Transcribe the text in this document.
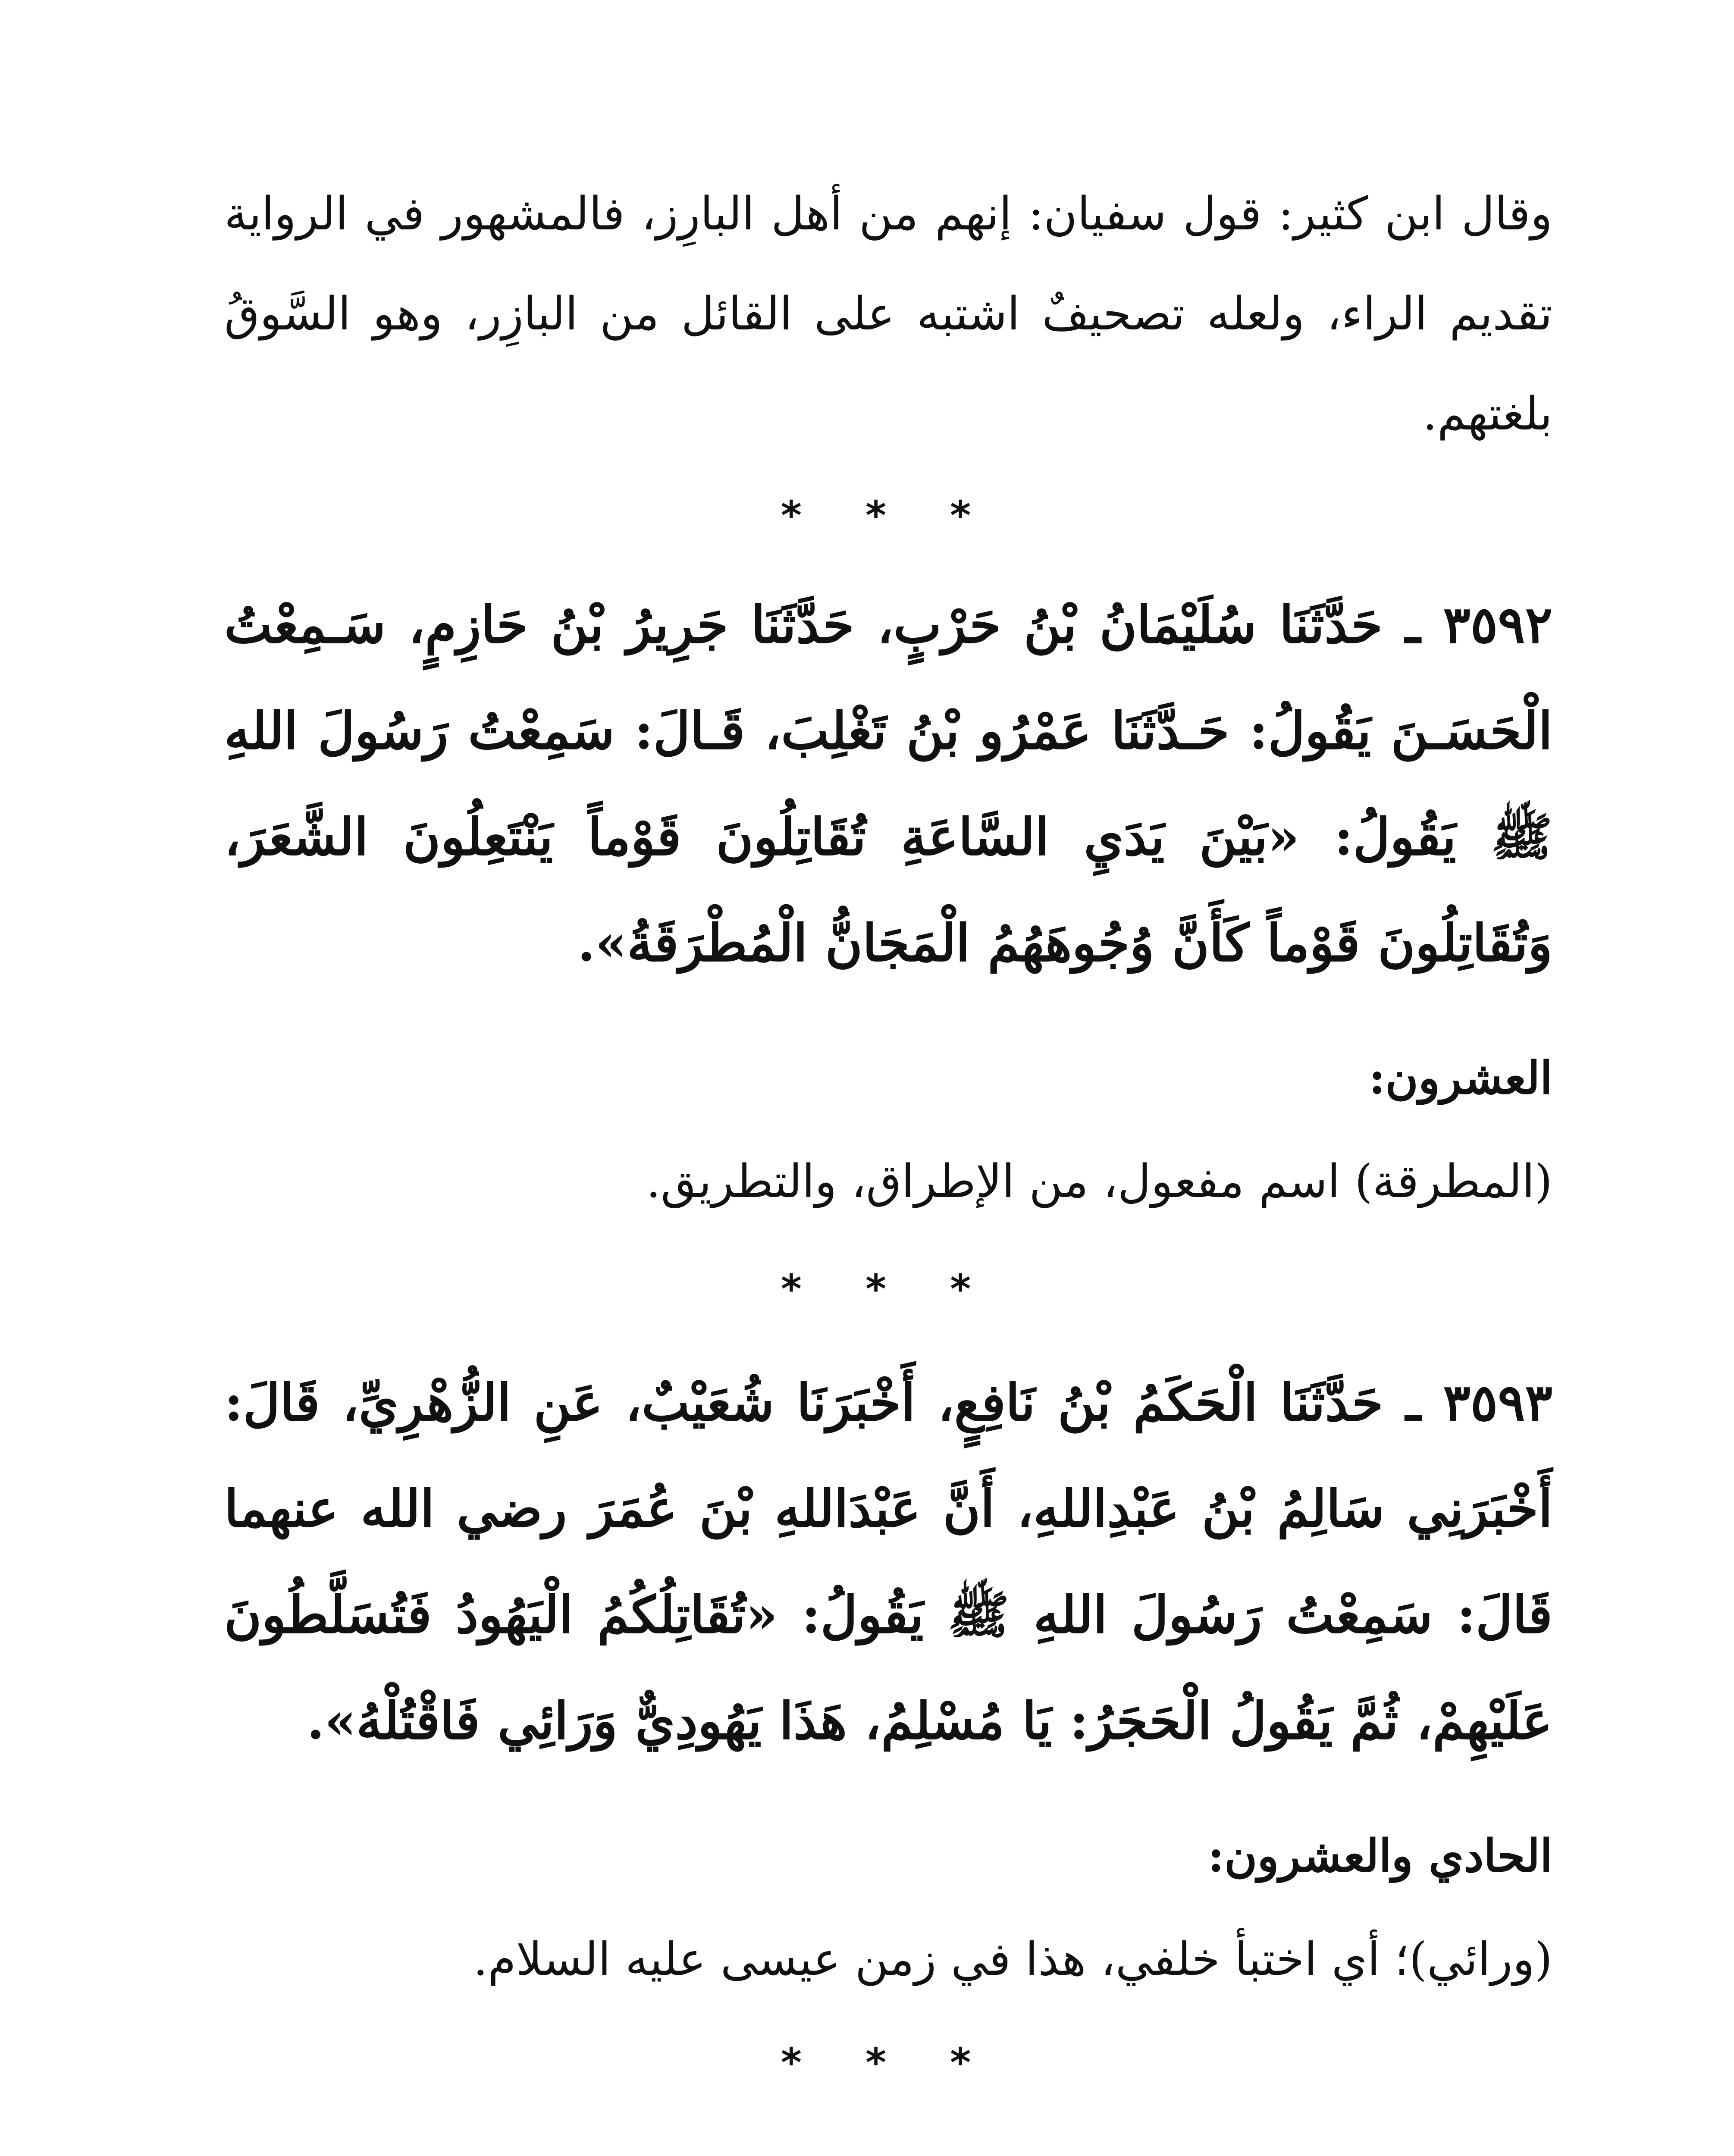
وقال ابن كثير: قول سفيان: إنهم من أهل البارِز، فالمشهور في الرواية تقديم الراء، ولعله تصحيفٌ اشتبه على القائل من البازِر، وهو السَّوقُ بلغتهم.

* * *

٣٥٩٢ ـ حَدَّثَنَا سُلَيْمَانُ بْنُ حَرْبٍ، حَدَّثَنَا جَرِيرُ بْنُ حَازِمٍ، سَـمِعْتُ الْحَسَـنَ يَقُولُ: حَـدَّثَنَا عَمْرُو بْنُ تَغْلِبَ، قَـالَ: سَمِعْتُ رَسُولَ اللهِ ﷺ يَقُولُ: «بَيْنَ يَدَيِ السَّاعَةِ تُقَاتِلُونَ قَوْماً يَنْتَعِلُونَ الشَّعَرَ، وَتُقَاتِلُونَ قَوْماً كَأَنَّ وُجُوهَهُمُ الْمَجَانُّ الْمُطْرَقَةُ».

العشرون:

(المطرقة) اسم مفعول، من الإطراق، والتطريق.

* * *

٣٥٩٣ ـ حَدَّثَنَا الْحَكَمُ بْنُ نَافِعٍ، أَخْبَرَنَا شُعَيْبٌ، عَنِ الزُّهْرِيِّ، قَالَ: أَخْبَرَنِي سَالِمُ بْنُ عَبْدِاللهِ، أَنَّ عَبْدَاللهِ بْنَ عُمَرَ رضي الله عنهما قَالَ: سَمِعْتُ رَسُولَ اللهِ ﷺ يَقُولُ: «تُقَاتِلُكُمُ الْيَهُودُ فَتُسَلَّطُونَ عَلَيْهِمْ، ثُمَّ يَقُولُ الْحَجَرُ: يَا مُسْلِمُ، هَذَا يَهُودِيٌّ وَرَائِي فَاقْتُلْهُ».

الحادي والعشرون:

(ورائي)؛ أي اختبأ خلفي، هذا في زمن عيسى عليه السلام.

* * *
